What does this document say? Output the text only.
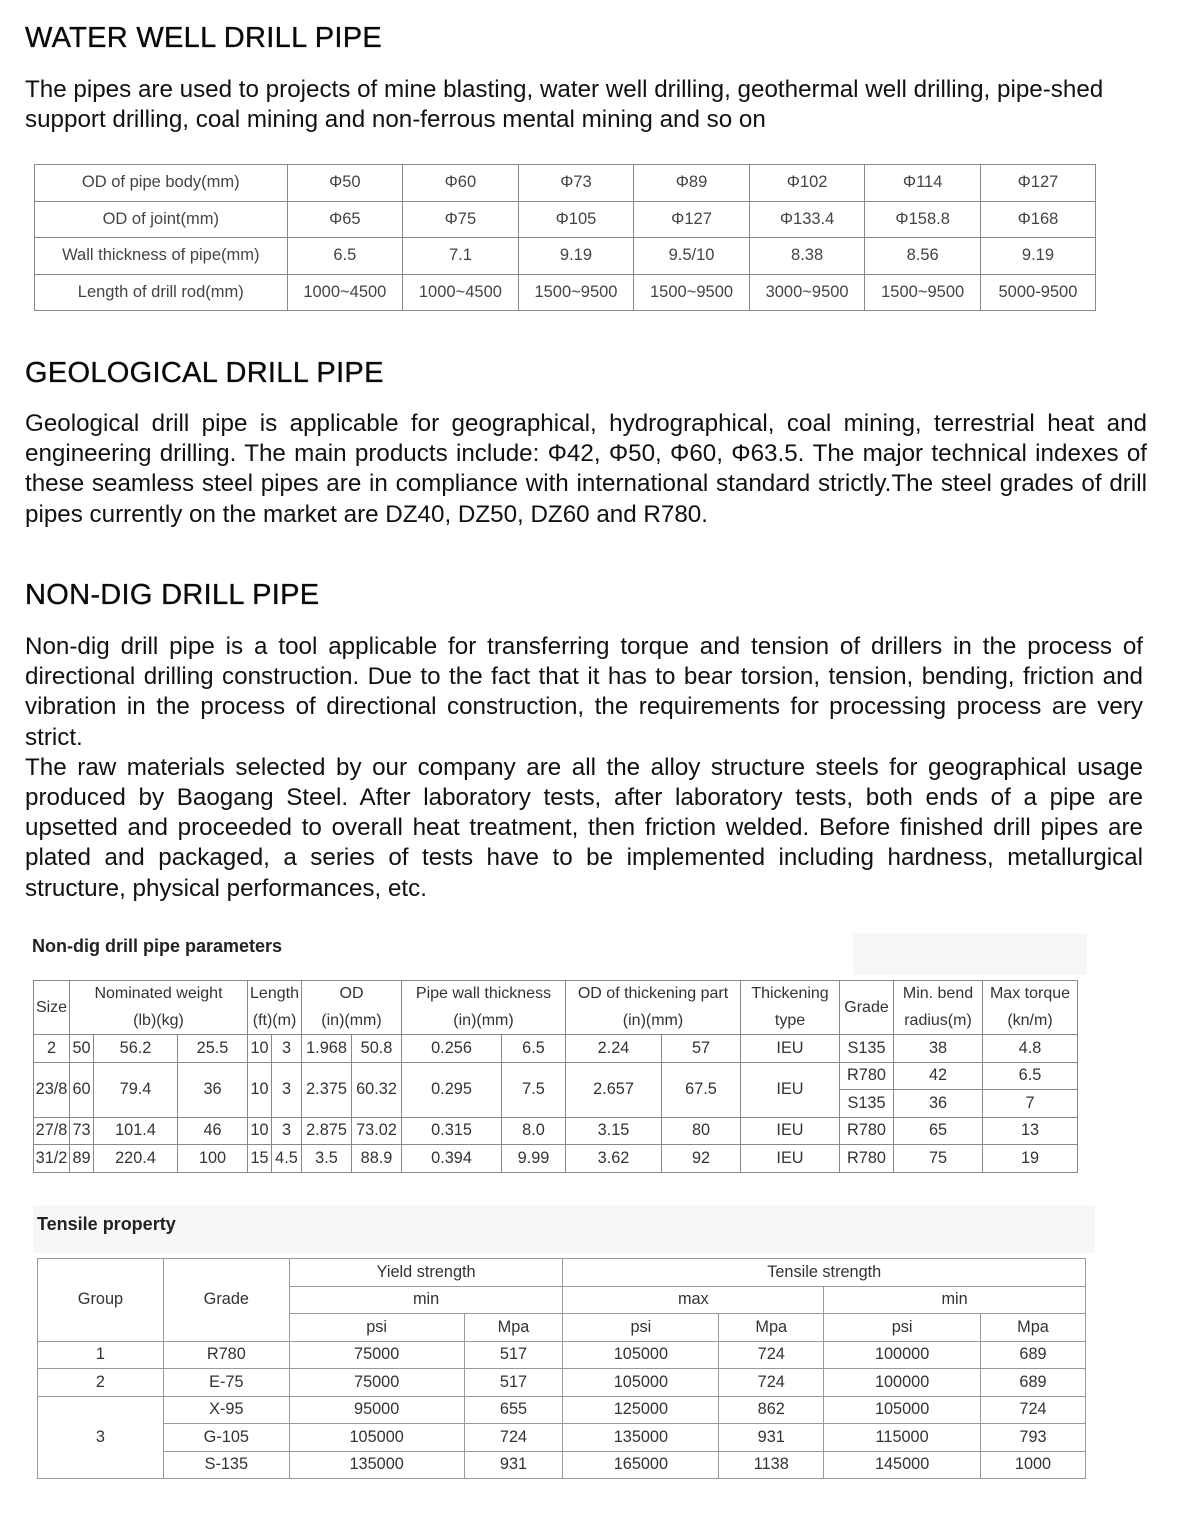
WATER WELL DRILL PIPE

The pipes are used to projects of mine blasting, water well drilling, geothermal well drilling, pipe-shed support drilling, coal mining and non-ferrous mental mining and so on

OD of pipe body(mm)	Φ50	Φ60	Φ73	Φ89	Φ102	Φ114	Φ127
OD of joint(mm)	Φ65	Φ75	Φ105	Φ127	Φ133.4	Φ158.8	Φ168
Wall thickness of pipe(mm)	6.5	7.1	9.19	9.5/10	8.38	8.56	9.19
Length of drill rod(mm)	1000~4500	1000~4500	1500~9500	1500~9500	3000~9500	1500~9500	5000-9500
GEOLOGICAL DRILL PIPE

Geological drill pipe is applicable for geographical, hydrographical, coal mining, terrestrial heat and engineering drilling. The main products include: Φ42, Φ50, Φ60, Φ63.5. The major technical indexes of these seamless steel pipes are in compliance with international standard strictly.The steel grades of drill pipes currently on the market are DZ40, DZ50, DZ60 and R780.

NON-DIG DRILL PIPE

Non-dig drill pipe is a tool applicable for transferring torque and tension of drillers in the process of directional drilling construction. Due to the fact that it has to bear torsion, tension, bending, friction and vibration in the process of directional construction, the requirements for processing process are very strict.

The raw materials selected by our company are all the alloy structure steels for geographical usage produced by Baogang Steel. After laboratory tests, after laboratory tests, both ends of a pipe are upsetted and proceeded to overall heat treatment, then friction welded. Before finished drill pipes are plated and packaged, a series of tests have to be implemented including hardness, metallurgical structure, physical performances, etc.

Non-dig drill pipe parameters
Size	Nominated weight			Length		OD		Pipe wall thickness		OD of thickening part		Thickening	Grade	Min. bend	Max torque
	(lb)(kg)			(ft)(m)		(in)(mm)		(in)(mm)		(in)(mm)		type		radius(m)	(kn/m)
2	50	56.2	25.5	10	3	1.968	50.8	0.256	6.5	2.24	57	IEU	S135	38	4.8
23/8	60	79.4	36	10	3	2.375	60.32	0.295	7.5	2.657	67.5	IEU	R780	42	6.5
													S135	36	7
27/8	73	101.4	46	10	3	2.875	73.02	0.315	8.0	3.15	80	IEU	R780	65	13
31/2	89	220.4	100	15	4.5	3.5	88.9	0.394	9.99	3.62	92	IEU	R780	75	19
Tensile property
Group	Grade	Yield strength		Tensile strength			
		min		max		min	
		psi	Mpa	psi	Mpa	psi	Mpa
1	R780	75000	517	105000	724	100000	689
2	E-75	75000	517	105000	724	100000	689
3	X-95	95000	655	125000	862	105000	724
	G-105	105000	724	135000	931	115000	793
	S-135	135000	931	165000	1138	145000	1000
